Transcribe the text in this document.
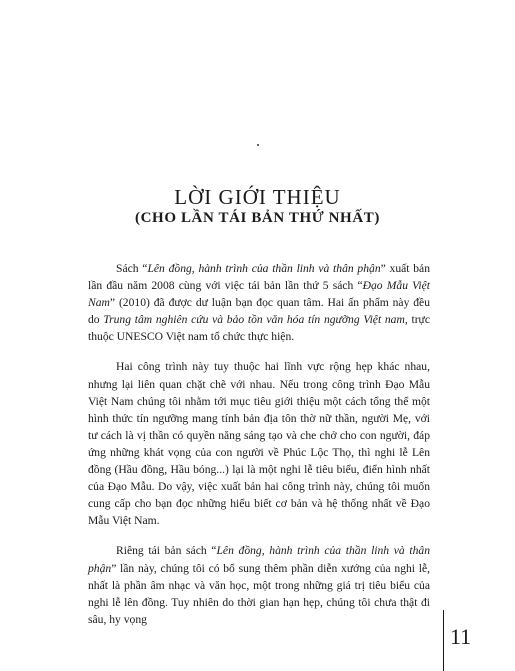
LỜI GIỚI THIỆU
(CHO LẦN TÁI BẢN THỨ NHẤT)

Sách “Lên đồng, hành trình của thần linh và thân phận” xuất bản lần đầu năm 2008 cùng với việc tái bản lần thứ 5 sách “Đạo Mẫu Việt Nam” (2010) đã được dư luận bạn đọc quan tâm. Hai ấn phẩm này đều do Trung tâm nghiên cứu và bảo tồn văn hóa tín ngưỡng Việt nam, trực thuộc UNESCO Việt nam tổ chức thực hiện.

Hai công trình này tuy thuộc hai lĩnh vực rộng hẹp khác nhau, nhưng lại liên quan chặt chẽ với nhau. Nếu trong công trình Đạo Mẫu Việt Nam chúng tôi nhằm tới mục tiêu giới thiệu một cách tổng thể một hình thức tín ngưỡng mang tính bản địa tôn thờ nữ thần, người Mẹ, với tư cách là vị thần có quyền năng sáng tạo và che chở cho con người, đáp ứng những khát vọng của con người về Phúc Lộc Thọ, thì nghi lễ Lên đồng (Hầu đồng, Hầu bóng...) lại là một nghi lễ tiêu biểu, điển hình nhất của Đạo Mẫu. Do vậy, việc xuất bản hai công trình này, chúng tôi muốn cung cấp cho bạn đọc những hiểu biết cơ bản và hệ thống nhất về Đạo Mẫu Việt Nam.

Riêng tái bản sách “Lên đồng, hành trình của thần linh và thân phận” lần này, chúng tôi có bổ sung thêm phần diễn xướng của nghi lễ, nhất là phần âm nhạc và văn học, một trong những giá trị tiêu biểu của nghi lễ lên đồng. Tuy nhiên do thời gian hạn hẹp, chúng tôi chưa thật đi sâu, hy vọng

11
